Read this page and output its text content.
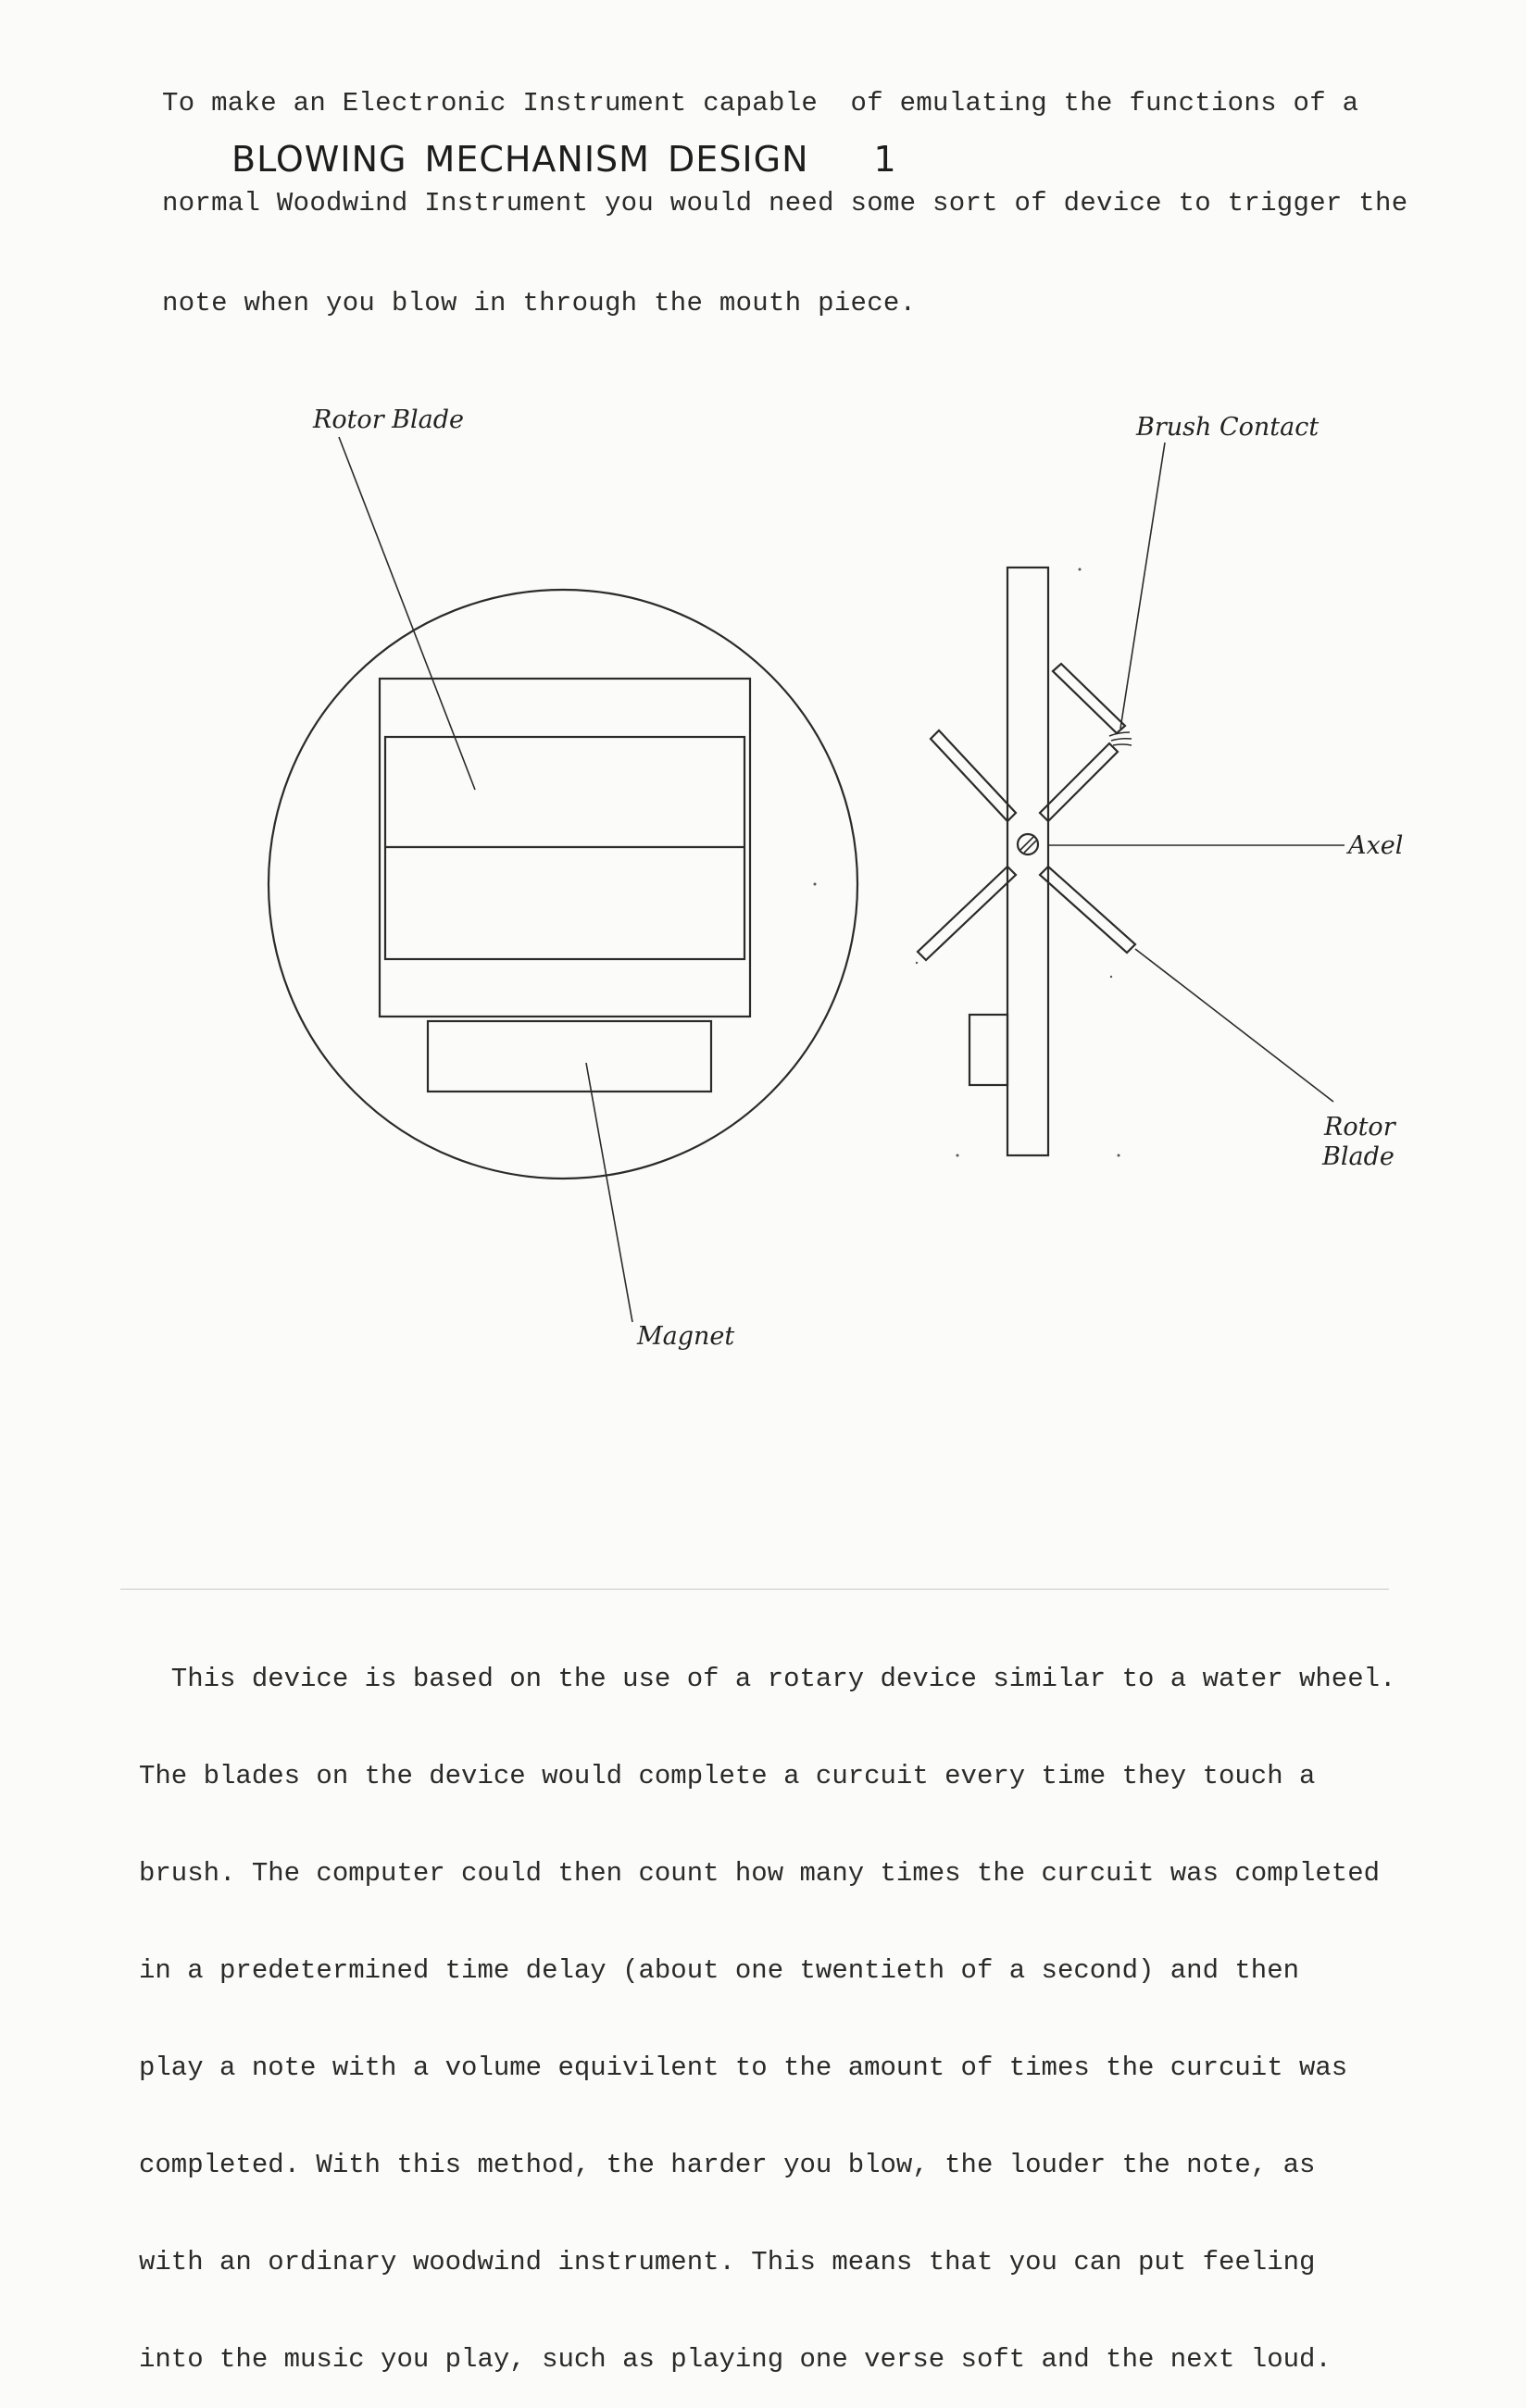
To make an Electronic Instrument capable  of emulating the functions of a

normal Woodwind Instrument you would need some sort of device to trigger the

note when you blow in through the mouth piece.

BLOWING MECHANISM DESIGN 1
Rotor Blade
Magnet
Brush Contact
Axel
Rotor
Blade

This device is based on the use of a rotary device similar to a water wheel.

The blades on the device would complete a curcuit every time they touch a

brush. The computer could then count how many times the curcuit was completed

in a predetermined time delay (about one twentieth of a second) and then

play a note with a volume equivilent to the amount of times the curcuit was

completed. With this method, the harder you blow, the louder the note, as

with an ordinary woodwind instrument. This means that you can put feeling

into the music you play, such as playing one verse soft and the next loud.
